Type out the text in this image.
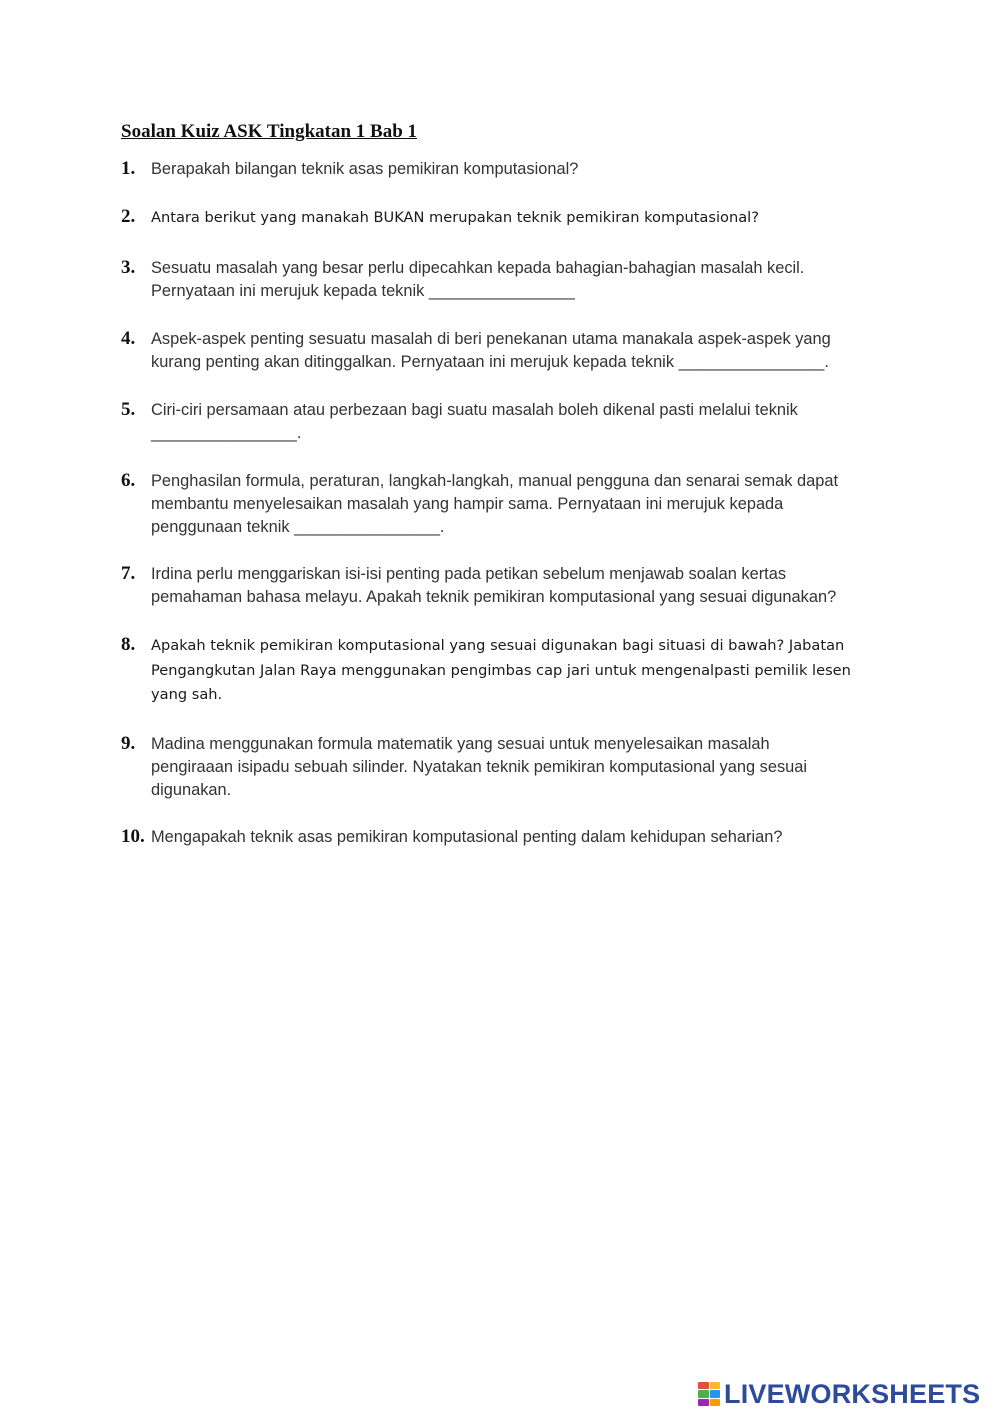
Soalan Kuiz ASK Tingkatan 1 Bab 1
1. Berapakah bilangan teknik asas pemikiran komputasional?
2. Antara berikut yang manakah BUKAN merupakan teknik pemikiran komputasional?
3. Sesuatu masalah yang besar perlu dipecahkan kepada bahagian-bahagian masalah kecil.
Pernyataan ini merujuk kepada teknik ________________
4. Aspek-aspek penting sesuatu masalah di beri penekanan utama manakala aspek-aspek yang
kurang penting akan ditinggalkan. Pernyataan ini merujuk kepada teknik ________________.
5. Ciri-ciri persamaan atau perbezaan bagi suatu masalah boleh dikenal pasti melalui teknik
________________.
6. Penghasilan formula, peraturan, langkah-langkah, manual pengguna dan senarai semak dapat
membantu menyelesaikan masalah yang hampir sama. Pernyataan ini merujuk kepada
penggunaan teknik ________________.
7. Irdina perlu menggariskan isi-isi penting pada petikan sebelum menjawab soalan kertas
pemahaman bahasa melayu. Apakah teknik pemikiran komputasional yang sesuai digunakan?
8. Apakah teknik pemikiran komputasional yang sesuai digunakan bagi situasi di bawah? Jabatan
Pengangkutan Jalan Raya menggunakan pengimbas cap jari untuk mengenalpasti pemilik lesen
yang sah.
9. Madina menggunakan formula matematik yang sesuai untuk menyelesaikan masalah
pengiraaan isipadu sebuah silinder. Nyatakan teknik pemikiran komputasional yang sesuai
digunakan.
10. Mengapakah teknik asas pemikiran komputasional penting dalam kehidupan seharian?
LIVEWORKSHEETS
